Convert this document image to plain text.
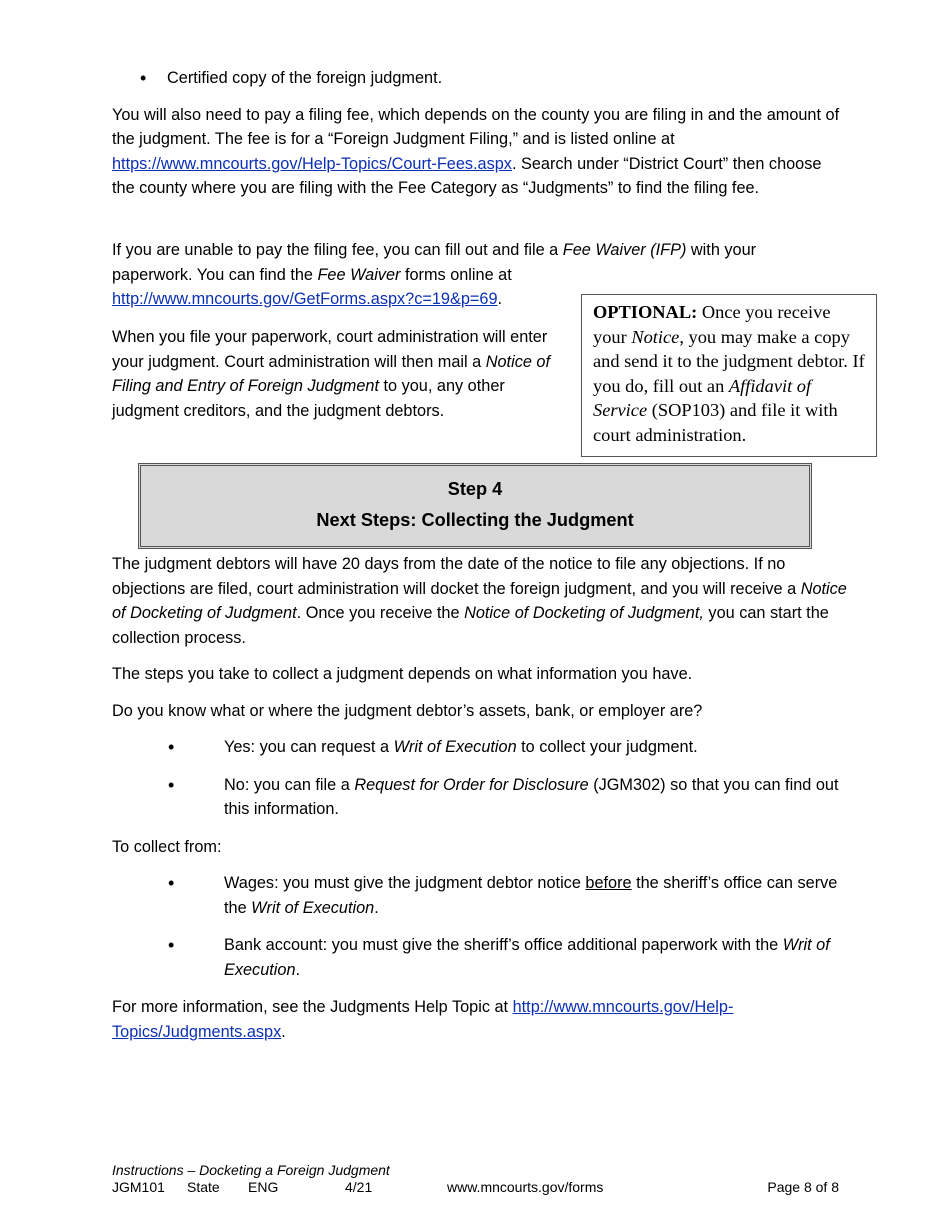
• Certified copy of the foreign judgment.

You will also need to pay a filing fee, which depends on the county you are filing in and the amount of the judgment. The fee is for a “Foreign Judgment Filing,” and is listed online at https://www.mncourts.gov/Help-Topics/Court-Fees.aspx. Search under “District Court” then choose the county where you are filing with the Fee Category as “Judgments” to find the filing fee.

If you are unable to pay the filing fee, you can fill out and file a Fee Waiver (IFP) with your
paperwork. You can find the Fee Waiver forms online at
http://www.mncourts.gov/GetForms.aspx?c=19&p=69.

When you file your paperwork, court administration will enter your judgment. Court administration will then mail a Notice of Filing and Entry of Foreign Judgment to you, any other judgment creditors, and the judgment debtors.

OPTIONAL: Once you receive your Notice, you may make a copy and send it to the judgment debtor. If you do, fill out an Affidavit of Service (SOP103) and file it with court administration.
Step 4
Next Steps: Collecting the Judgment

The judgment debtors will have 20 days from the date of the notice to file any objections. If no objections are filed, court administration will docket the foreign judgment, and you will receive a Notice of Docketing of Judgment. Once you receive the Notice of Docketing of Judgment, you can start the collection process.

The steps you take to collect a judgment depends on what information you have.

Do you know what or where the judgment debtor’s assets, bank, or employer are?

• Yes: you can request a Writ of Execution to collect your judgment.

• No: you can file a Request for Order for Disclosure (JGM302) so that you can find out this information.

To collect from:

• Wages: you must give the judgment debtor notice before the sheriff’s office can serve the Writ of Execution.

• Bank account: you must give the sheriff’s office additional paperwork with the Writ of Execution.

For more information, see the Judgments Help Topic at http://www.mncourts.gov/Help-Topics/Judgments.aspx.

Instructions – Docketing a Foreign Judgment
JGM101 State ENG	4/21	www.mncourts.gov/forms	Page 8 of 8
